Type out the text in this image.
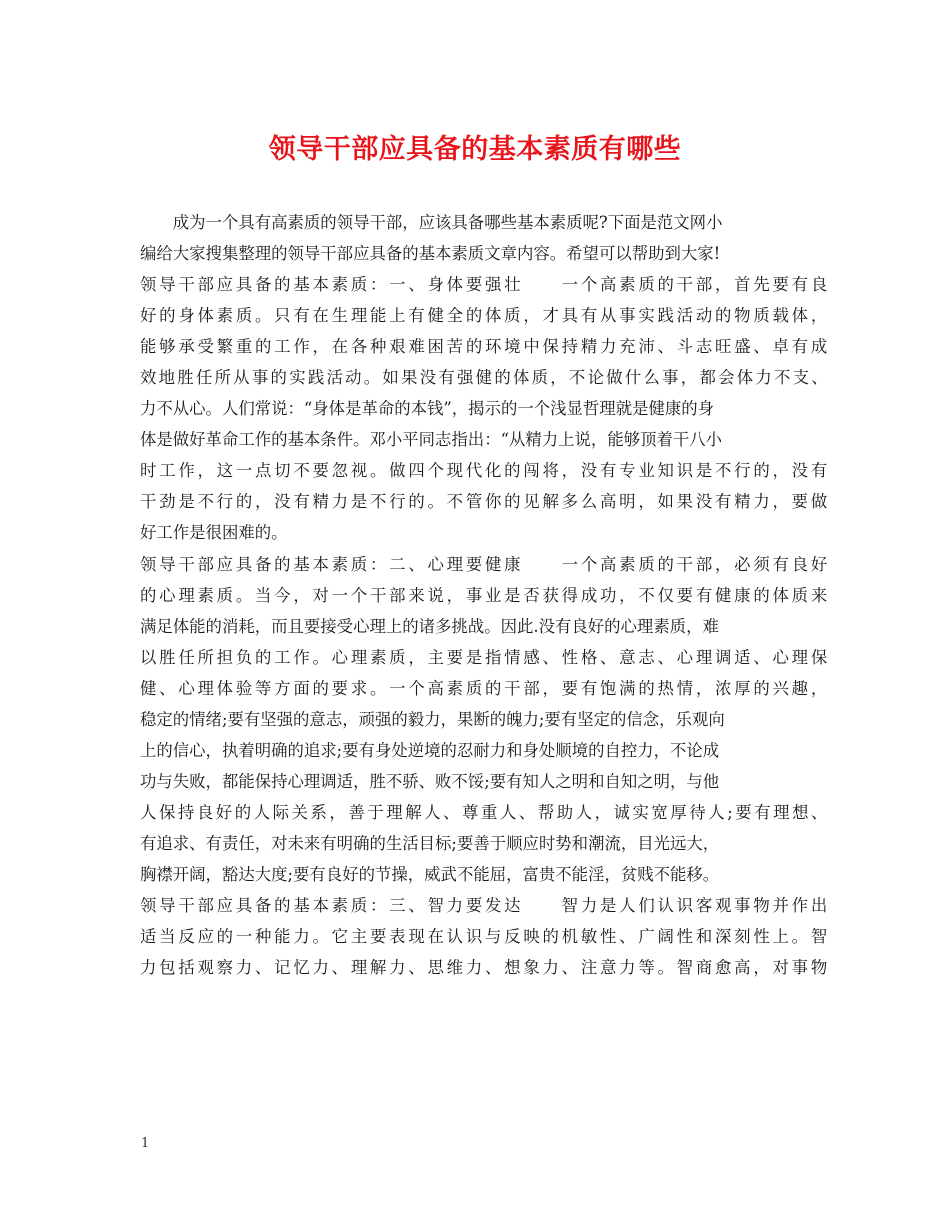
领导干部应具备的基本素质有哪些
　　成为一个具有高素质的领导干部，应该具备哪些基本素质呢?下面是范文网小
编给大家搜集整理的领导干部应具备的基本素质文章内容。希望可以帮助到大家!
领导干部应具备的基本素质：一、身体要强壮　　一个高素质的干部，首先要有良
好的身体素质。只有在生理能上有健全的体质，才具有从事实践活动的物质载体，
能够承受繁重的工作，在各种艰难困苦的环境中保持精力充沛、斗志旺盛、卓有成
效地胜任所从事的实践活动。如果没有强健的体质，不论做什么事，都会体力不支、
力不从心。人们常说：“身体是革命的本钱”，揭示的一个浅显哲理就是健康的身
体是做好革命工作的基本条件。邓小平同志指出：“从精力上说，能够顶着干八小
时工作，这一点切不要忽视。做四个现代化的闯将，没有专业知识是不行的，没有
干劲是不行的，没有精力是不行的。不管你的见解多么高明，如果没有精力，要做
好工作是很困难的。
领导干部应具备的基本素质：二、心理要健康　　一个高素质的干部，必须有良好
的心理素质。当今，对一个干部来说，事业是否获得成功，不仅要有健康的体质来
满足体能的消耗，而且要接受心理上的诸多挑战。因此.没有良好的心理素质，难
以胜任所担负的工作。心理素质，主要是指情感、性格、意志、心理调适、心理保
健、心理体验等方面的要求。一个高素质的干部，要有饱满的热情，浓厚的兴趣，
稳定的情绪;要有坚强的意志，顽强的毅力，果断的魄力;要有坚定的信念，乐观向
上的信心，执着明确的追求;要有身处逆境的忍耐力和身处顺境的自控力，不论成
功与失败，都能保持心理调适，胜不骄、败不馁;要有知人之明和自知之明，与他
人保持良好的人际关系，善于理解人、尊重人、帮助人，诚实宽厚待人;要有理想、
有追求、有责任，对未来有明确的生活目标;要善于顺应时势和潮流，目光远大，
胸襟开阔，豁达大度;要有良好的节操，威武不能屈，富贵不能淫，贫贱不能移。
领导干部应具备的基本素质：三、智力要发达　　智力是人们认识客观事物并作出
适当反应的一种能力。它主要表现在认识与反映的机敏性、广阔性和深刻性上。智
力包括观察力、记忆力、理解力、思维力、想象力、注意力等。智商愈高，对事物
1
